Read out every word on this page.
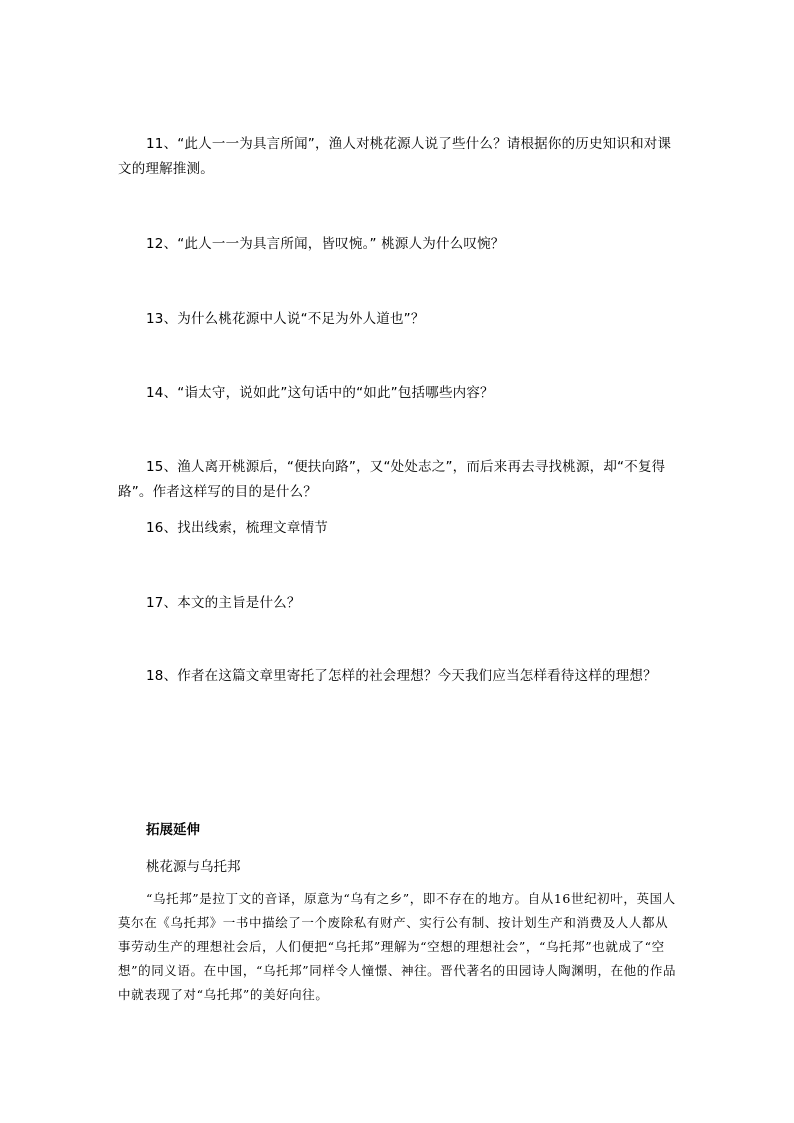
11、“此人一一为具言所闻”，渔人对桃花源人说了些什么？请根据你的历史知识和对课文的理解推测。
12、“此人一一为具言所闻，皆叹惋。” 桃源人为什么叹惋？
13、为什么桃花源中人说“不足为外人道也”？
14、“诣太守，说如此”这句话中的“如此”包括哪些内容？
15、渔人离开桃源后，“便扶向路”，又“处处志之”，而后来再去寻找桃源，却“不复得路”。作者这样写的目的是什么？
16、找出线索，梳理文章情节
17、本文的主旨是什么？
18、作者在这篇文章里寄托了怎样的社会理想？今天我们应当怎样看待这样的理想？
拓展延伸
桃花源与乌托邦
“乌托邦”是拉丁文的音译，原意为“乌有之乡”，即不存在的地方。自从16世纪初叶，英国人莫尔在《乌托邦》一书中描绘了一个废除私有财产、实行公有制、按计划生产和消费及人人都从事劳动生产的理想社会后，人们便把“乌托邦”理解为“空想的理想社会”，“乌托邦”也就成了“空想”的同义语。在中国，“乌托邦”同样令人憧憬、神往。晋代著名的田园诗人陶渊明，在他的作品中就表现了对“乌托邦”的美好向往。
